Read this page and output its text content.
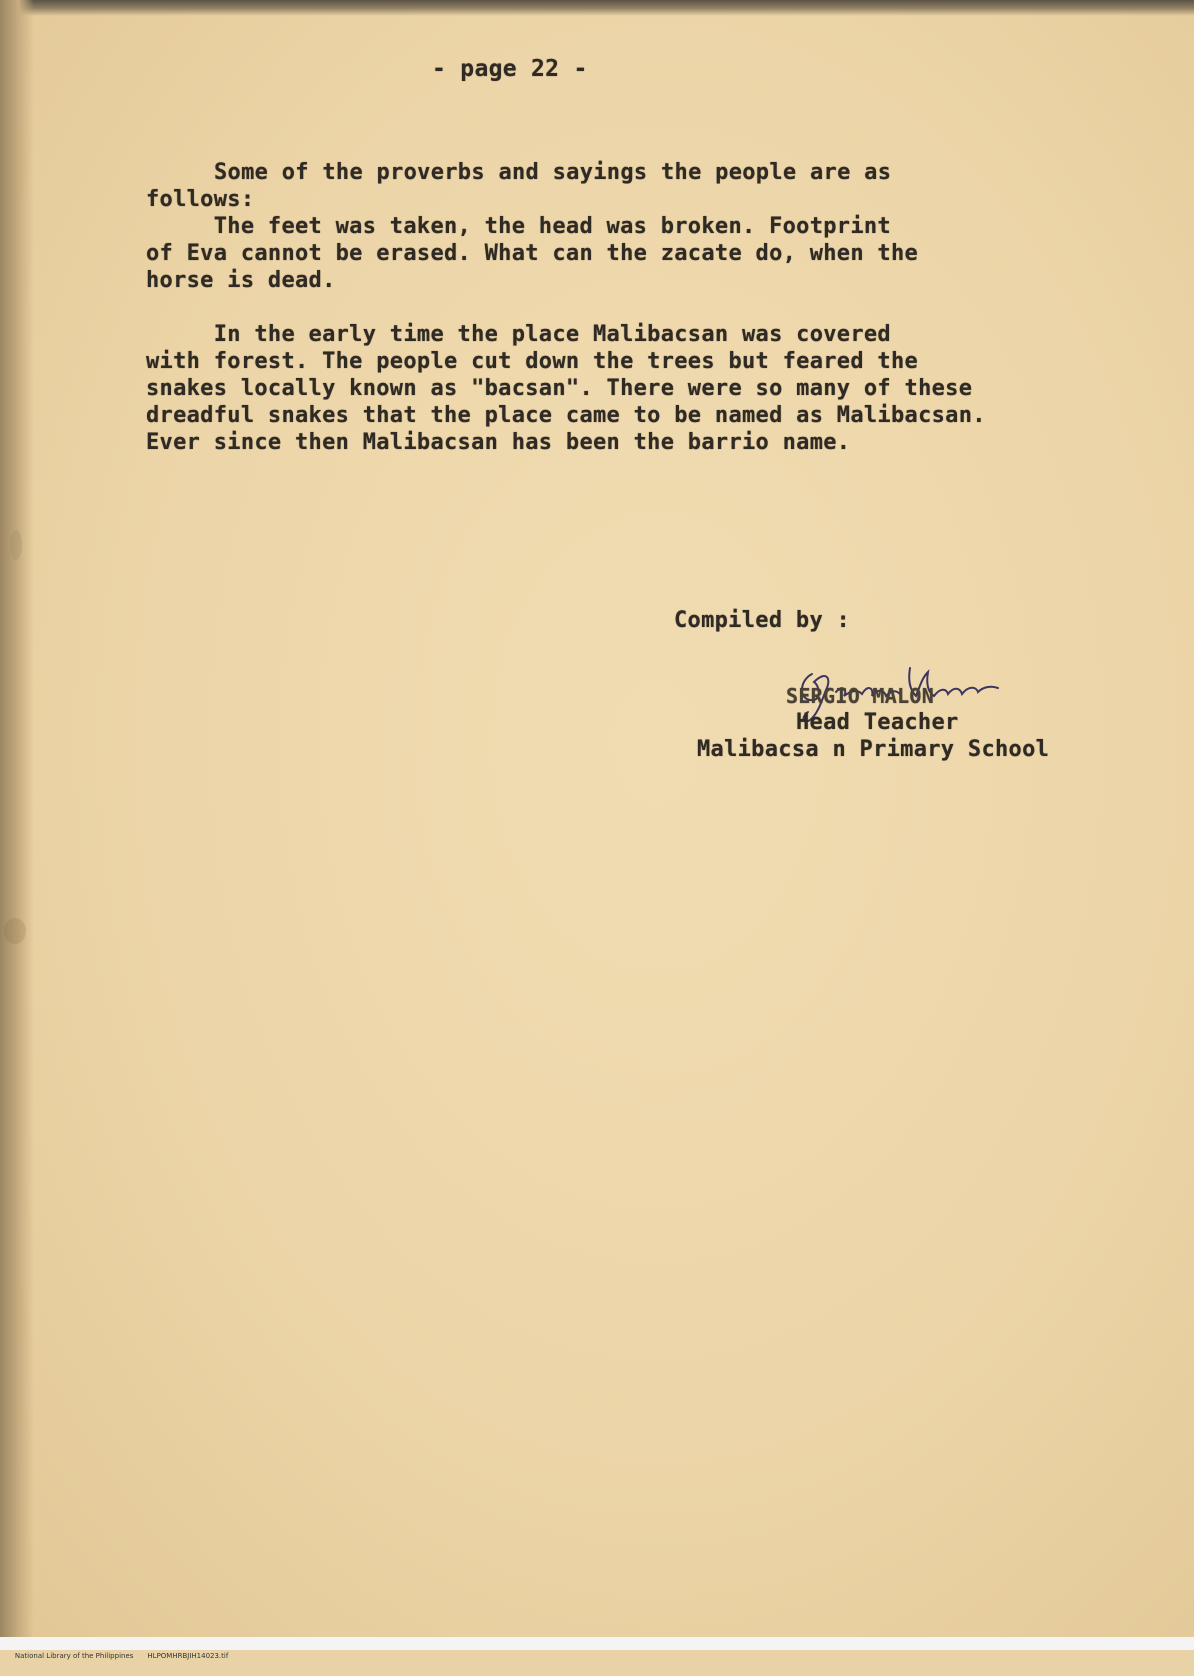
- page 22 -
Some of the proverbs and sayings the people are as
follows:
The feet was taken, the head was broken. Footprint
of Eva cannot be erased. What can the zacate do, when the
horse is dead.
In the early time the place Malibacsan was covered
with forest. The people cut down the trees but feared the
snakes locally known as "bacsan". There were so many of these
dreadful snakes that the place came to be named as Malibacsan.
Ever since then Malibacsan has been the barrio name.
Compiled by :
SERGIO MALON
Head Teacher
Malibacsa n Primary School

National Library of the Philippines HLPOMHRBJIH14023.tif
